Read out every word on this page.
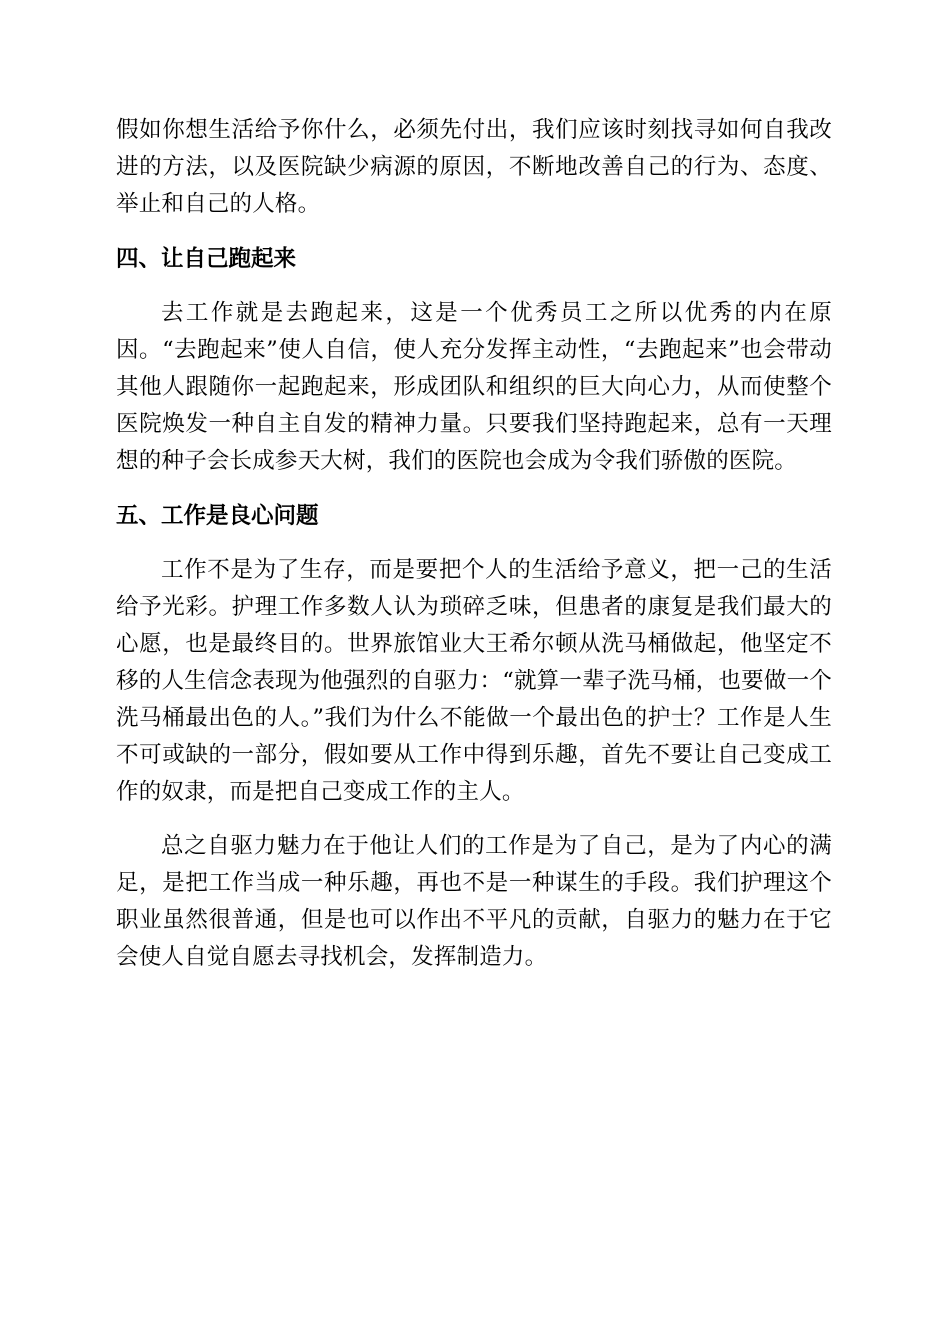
假如你想生活给予你什么，必须先付出，我们应该时刻找寻如何自我改进的方法，以及医院缺少病源的原因，不断地改善自己的行为、态度、举止和自己的人格。

四、让自己跑起来

去工作就是去跑起来，这是一个优秀员工之所以优秀的内在原因。“去跑起来”使人自信，使人充分发挥主动性，“去跑起来”也会带动其他人跟随你一起跑起来，形成团队和组织的巨大向心力，从而使整个医院焕发一种自主自发的精神力量。只要我们坚持跑起来，总有一天理想的种子会长成参天大树，我们的医院也会成为令我们骄傲的医院。

五、工作是良心问题

工作不是为了生存，而是要把个人的生活给予意义，把一己的生活给予光彩。护理工作多数人认为琐碎乏味，但患者的康复是我们最大的心愿，也是最终目的。世界旅馆业大王希尔顿从洗马桶做起，他坚定不移的人生信念表现为他强烈的自驱力：“就算一辈子洗马桶，也要做一个洗马桶最出色的人。”我们为什么不能做一个最出色的护士？工作是人生不可或缺的一部分，假如要从工作中得到乐趣，首先不要让自己变成工作的奴隶，而是把自己变成工作的主人。

总之自驱力魅力在于他让人们的工作是为了自己，是为了内心的满足，是把工作当成一种乐趣，再也不是一种谋生的手段。我们护理这个职业虽然很普通，但是也可以作出不平凡的贡献，自驱力的魅力在于它会使人自觉自愿去寻找机会，发挥制造力。
